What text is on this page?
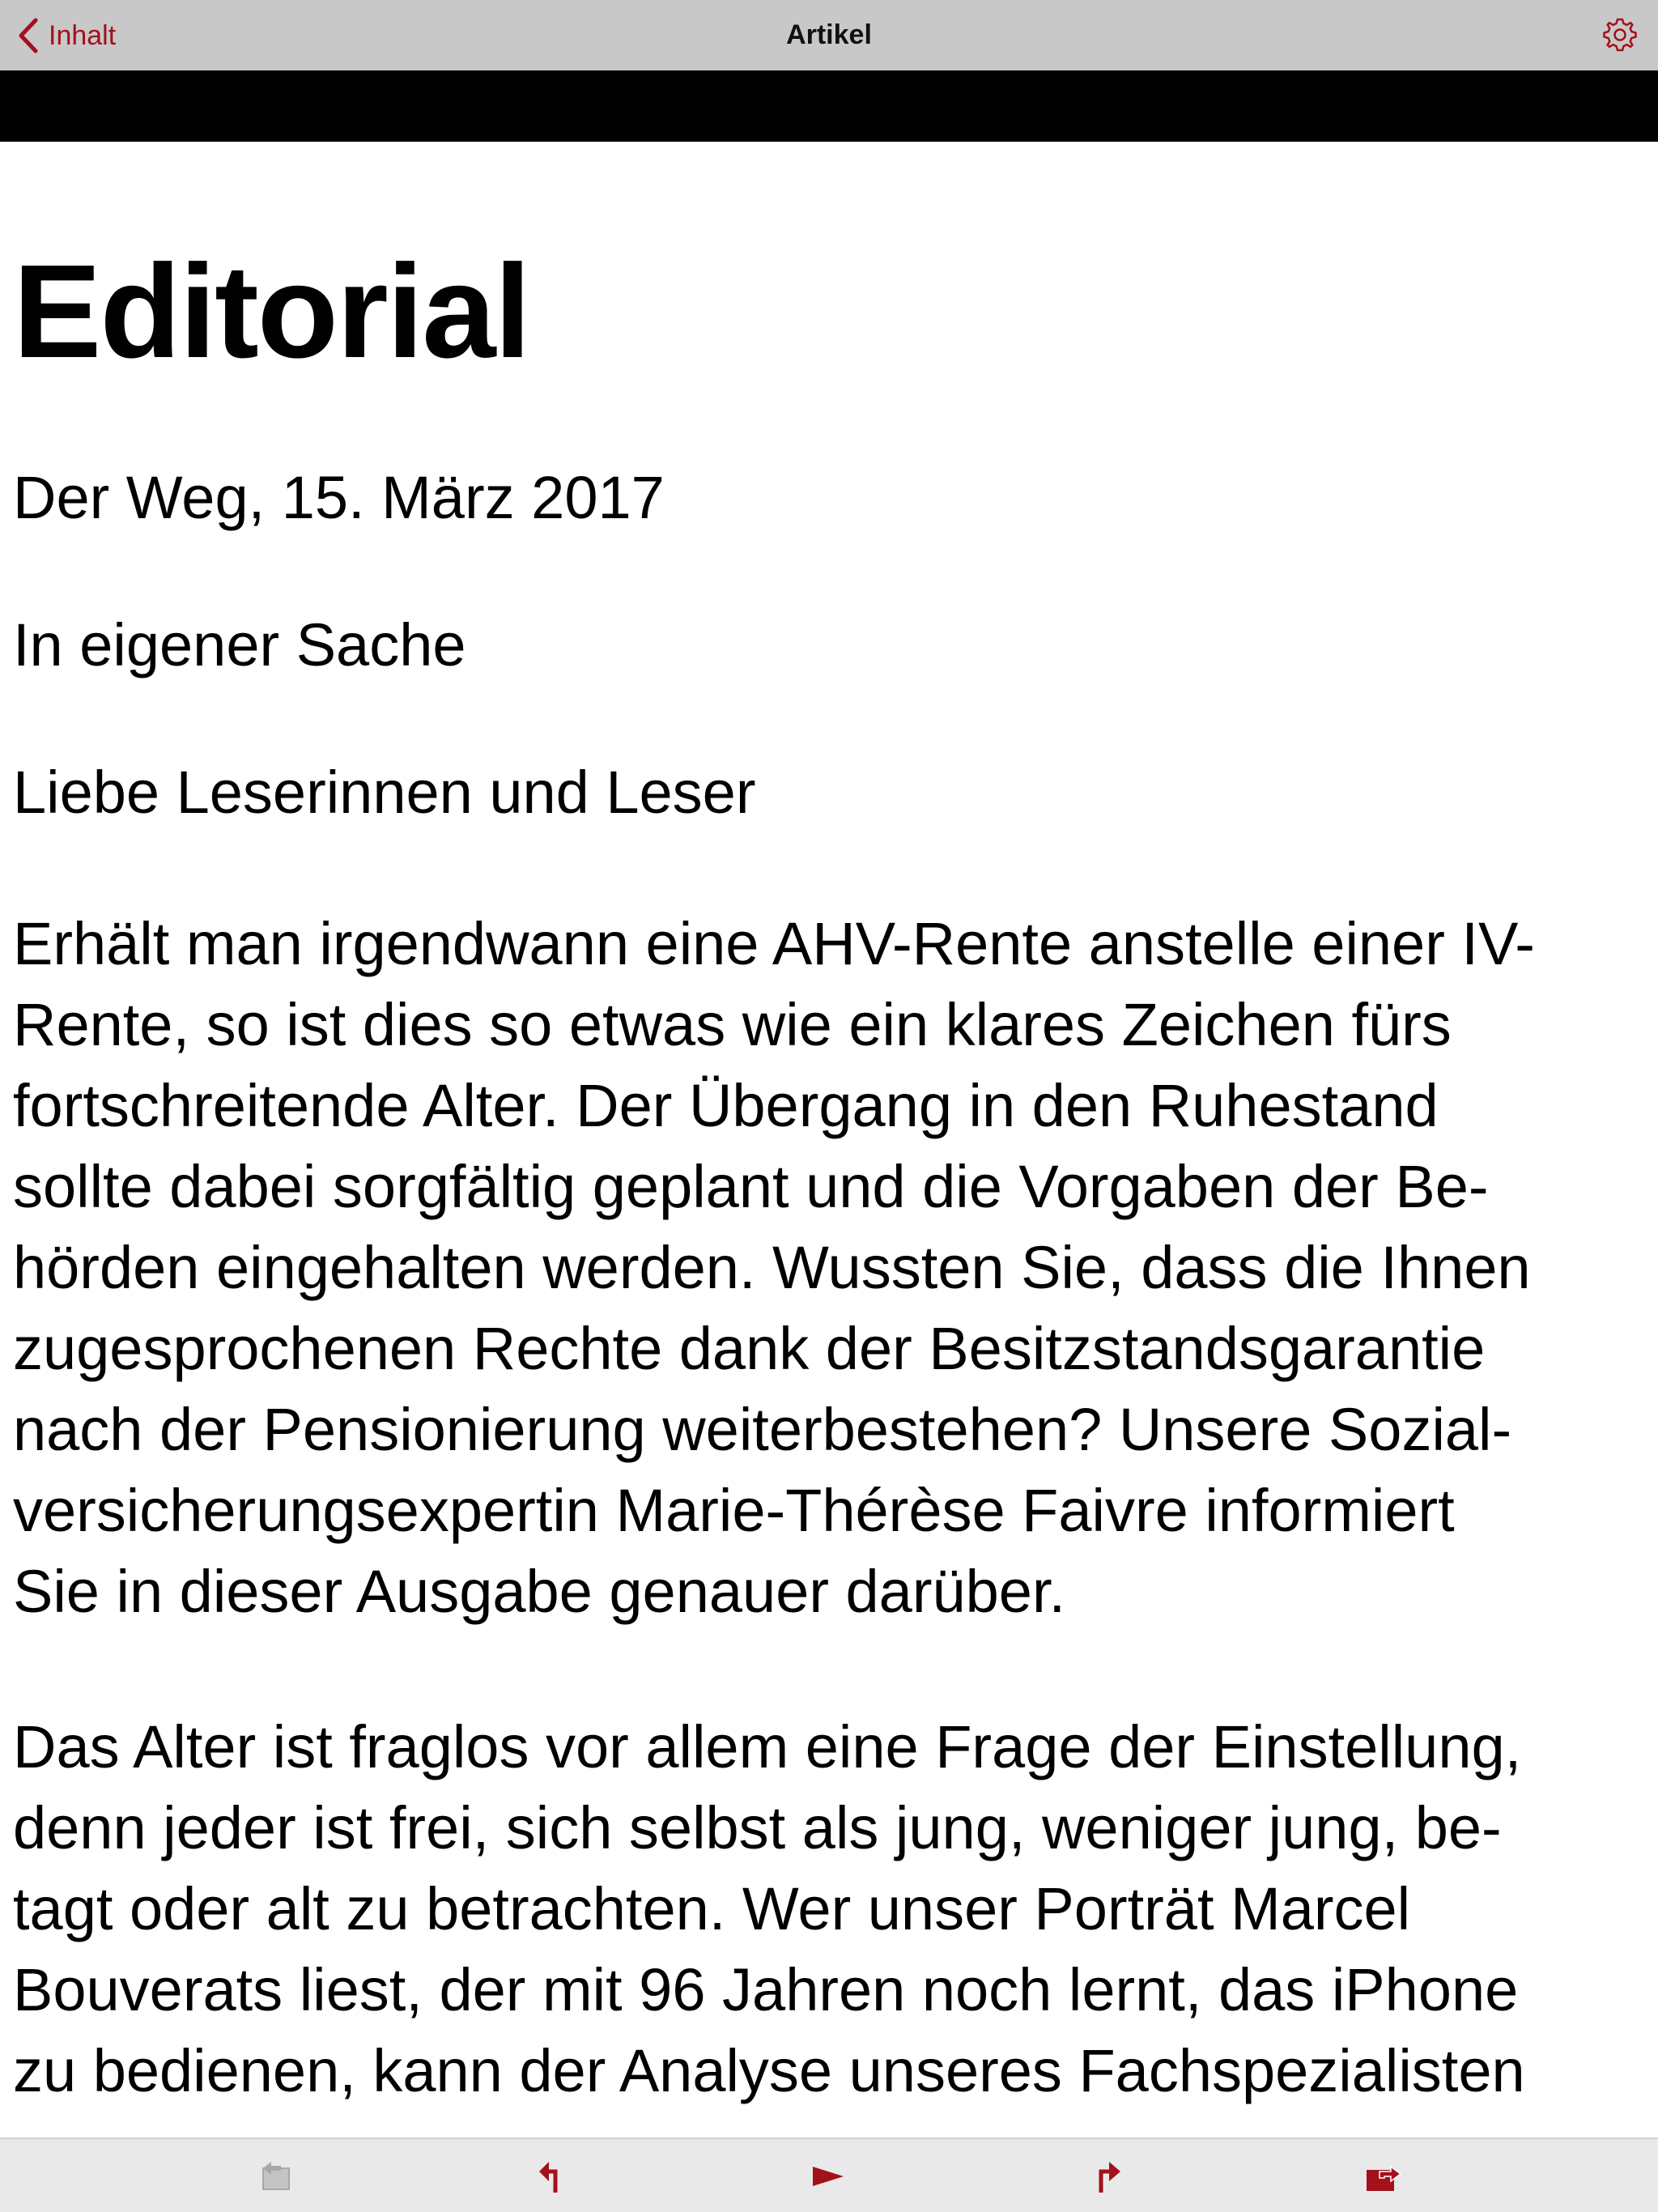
Inhalt	Artikel
Editorial

Der Weg, 15. März 2017

In eigener Sache

Liebe Leserinnen und Leser

Erhält man irgendwann eine AHV-Rente anstelle einer IV-
Rente, so ist dies so etwas wie ein klares Zeichen fürs
fortschreitende Alter. Der Übergang in den Ruhestand
sollte dabei sorgfältig geplant und die Vorgaben der Be-
hörden eingehalten werden. Wussten Sie, dass die Ihnen
zugesprochenen Rechte dank der Besitzstandsgarantie
nach der Pensionierung weiterbestehen? Unsere Sozial-
versicherungsexpertin Marie-Thérèse Faivre informiert
Sie in dieser Ausgabe genauer darüber.

Das Alter ist fraglos vor allem eine Frage der Einstellung,
denn jeder ist frei, sich selbst als jung, weniger jung, be-
tagt oder alt zu betrachten. Wer unser Porträt Marcel
Bouverats liest, der mit 96 Jahren noch lernt, das iPhone
zu bedienen, kann der Analyse unseres Fachspezialisten
